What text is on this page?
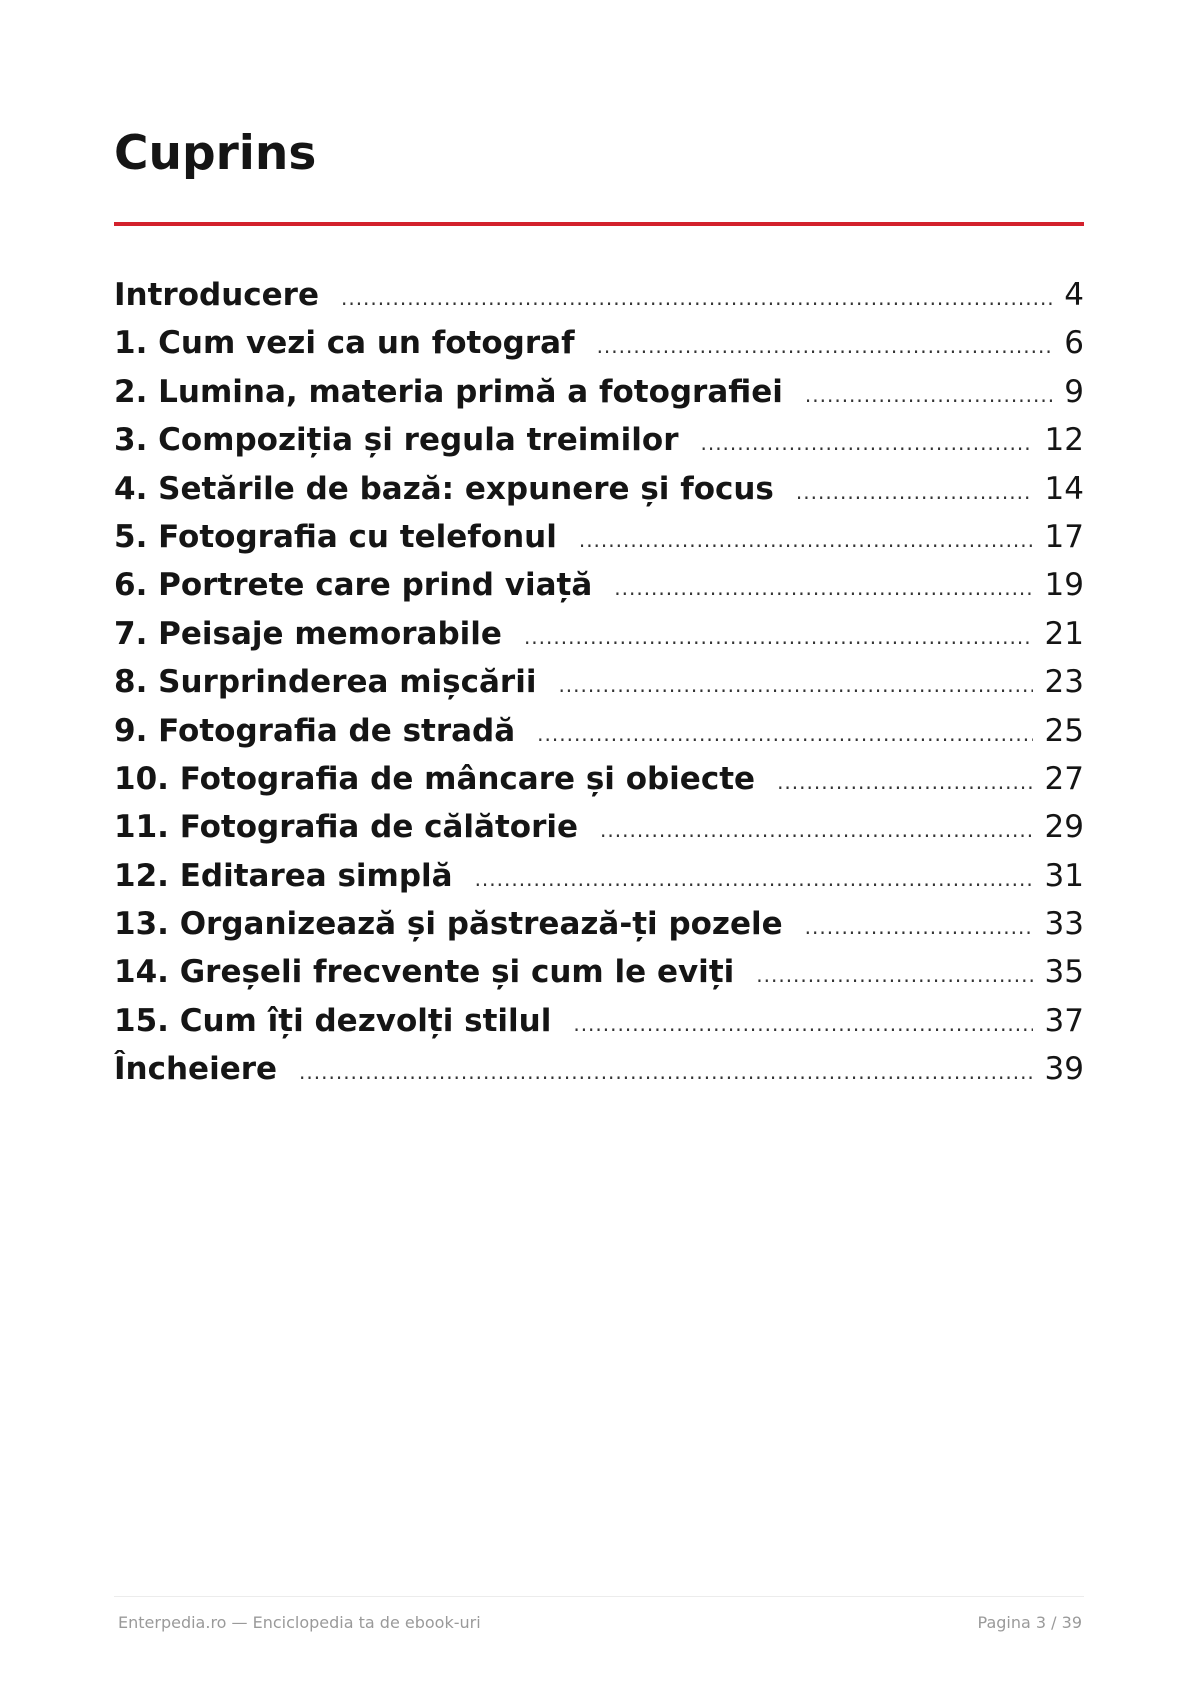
Cuprins
Introducere .....	4
1. Cum vezi ca un fotograf .....	6
2. Lumina, materia primă a fotografiei .....	9
3. Compoziția și regula treimilor .....	12
4. Setările de bază: expunere și focus .....	14
5. Fotografia cu telefonul .....	17
6. Portrete care prind viață .....	19
7. Peisaje memorabile .....	21
8. Surprinderea mișcării .....	23
9. Fotografia de stradă .....	25
10. Fotografia de mâncare și obiecte .....	27
11. Fotografia de călătorie .....	29
12. Editarea simplă .....	31
13. Organizează și păstrează-ți pozele .....	33
14. Greșeli frecvente și cum le eviți .....	35
15. Cum îți dezvolți stilul .....	37
Încheiere .....	39
Enterpedia.ro — Enciclopedia ta de ebook-uri	Pagina 3 / 39
